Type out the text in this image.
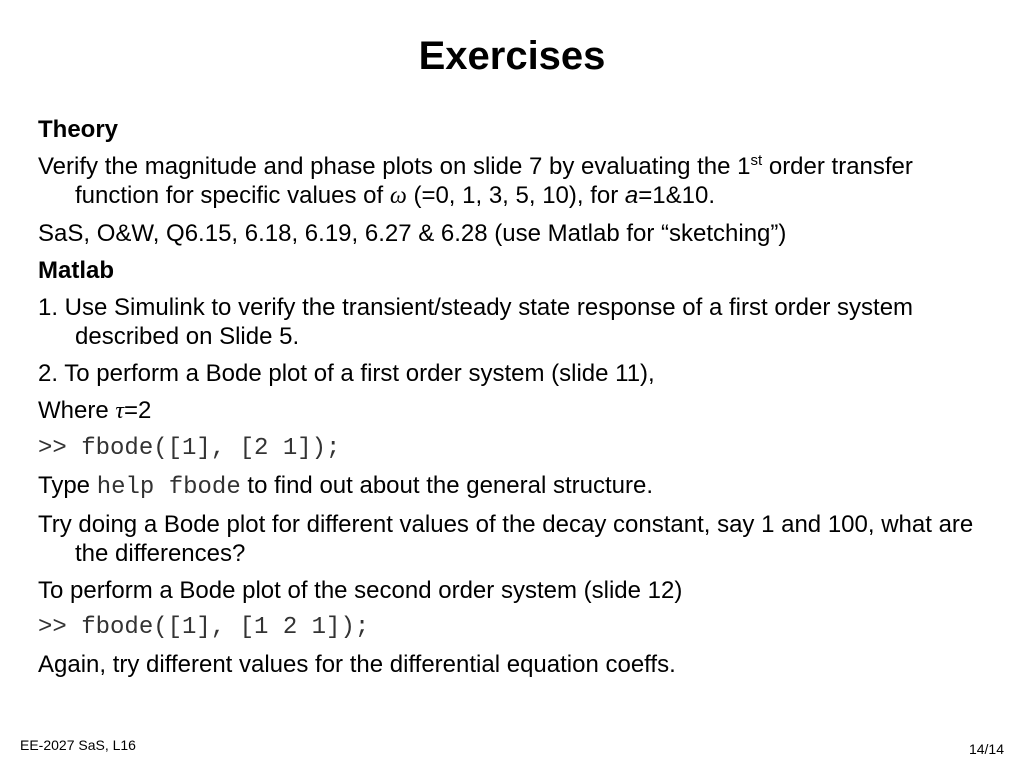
Exercises
Theory
Verify the magnitude and phase plots on slide 7 by evaluating the 1st order transfer function for specific values of ω (=0, 1, 3, 5, 10), for a=1&10.
SaS, O&W, Q6.15, 6.18, 6.19, 6.27 & 6.28 (use Matlab for “sketching”)
Matlab
1. Use Simulink to verify the transient/steady state response of a first order system described on Slide 5.
2. To perform a Bode plot of a first order system (slide 11),
Where τ=2
>> fbode([1], [2 1]);
Type help fbode to find out about the general structure.
Try doing a Bode plot for different values of the decay constant, say 1 and 100, what are the differences?
To perform a Bode plot of the second order system (slide 12)
>> fbode([1], [1 2 1]);
Again, try different values for the differential equation coeffs.
EE-2027 SaS, L16	14/14
